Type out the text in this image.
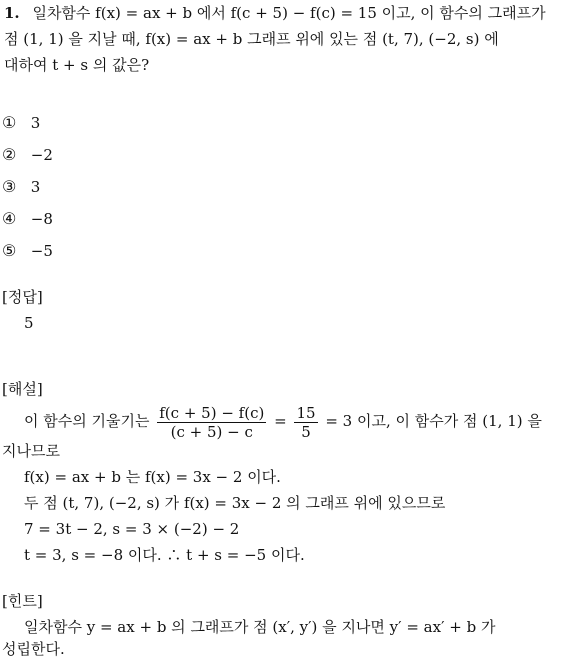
1. 일차함수 f(x) = ax + b 에서 f(c + 5) − f(c) = 15 이고, 이 함수의 그래프가
점 (1, 1) 을 지날 때, f(x) = ax + b 그래프 위에 있는 점 (t, 7), (−2, s) 에
대하여 t + s 의 값은?
① 3
② −2
③ 3
④ −8
⑤ −5
[정답]
5
[해설]
이 함수의 기울기는 $\frac{f(c + 5) - f(c)}{(c + 5) - c} = \frac{15}{5} = 3$ 이고, 이 함수가 점 (1, 1) 을
지나므로
f(x) = ax + b 는 f(x) = 3x − 2 이다.
두 점 (t, 7), (−2, s) 가 f(x) = 3x − 2 의 그래프 위에 있으므로
7 = 3t − 2, s = 3 × (−2) − 2
t = 3, s = −8 이다. ∴ t + s = −5 이다.
[힌트]
일차함수 y = ax + b 의 그래프가 점 (x′, y′) 을 지나면 y′ = ax′ + b 가
성립한다.
